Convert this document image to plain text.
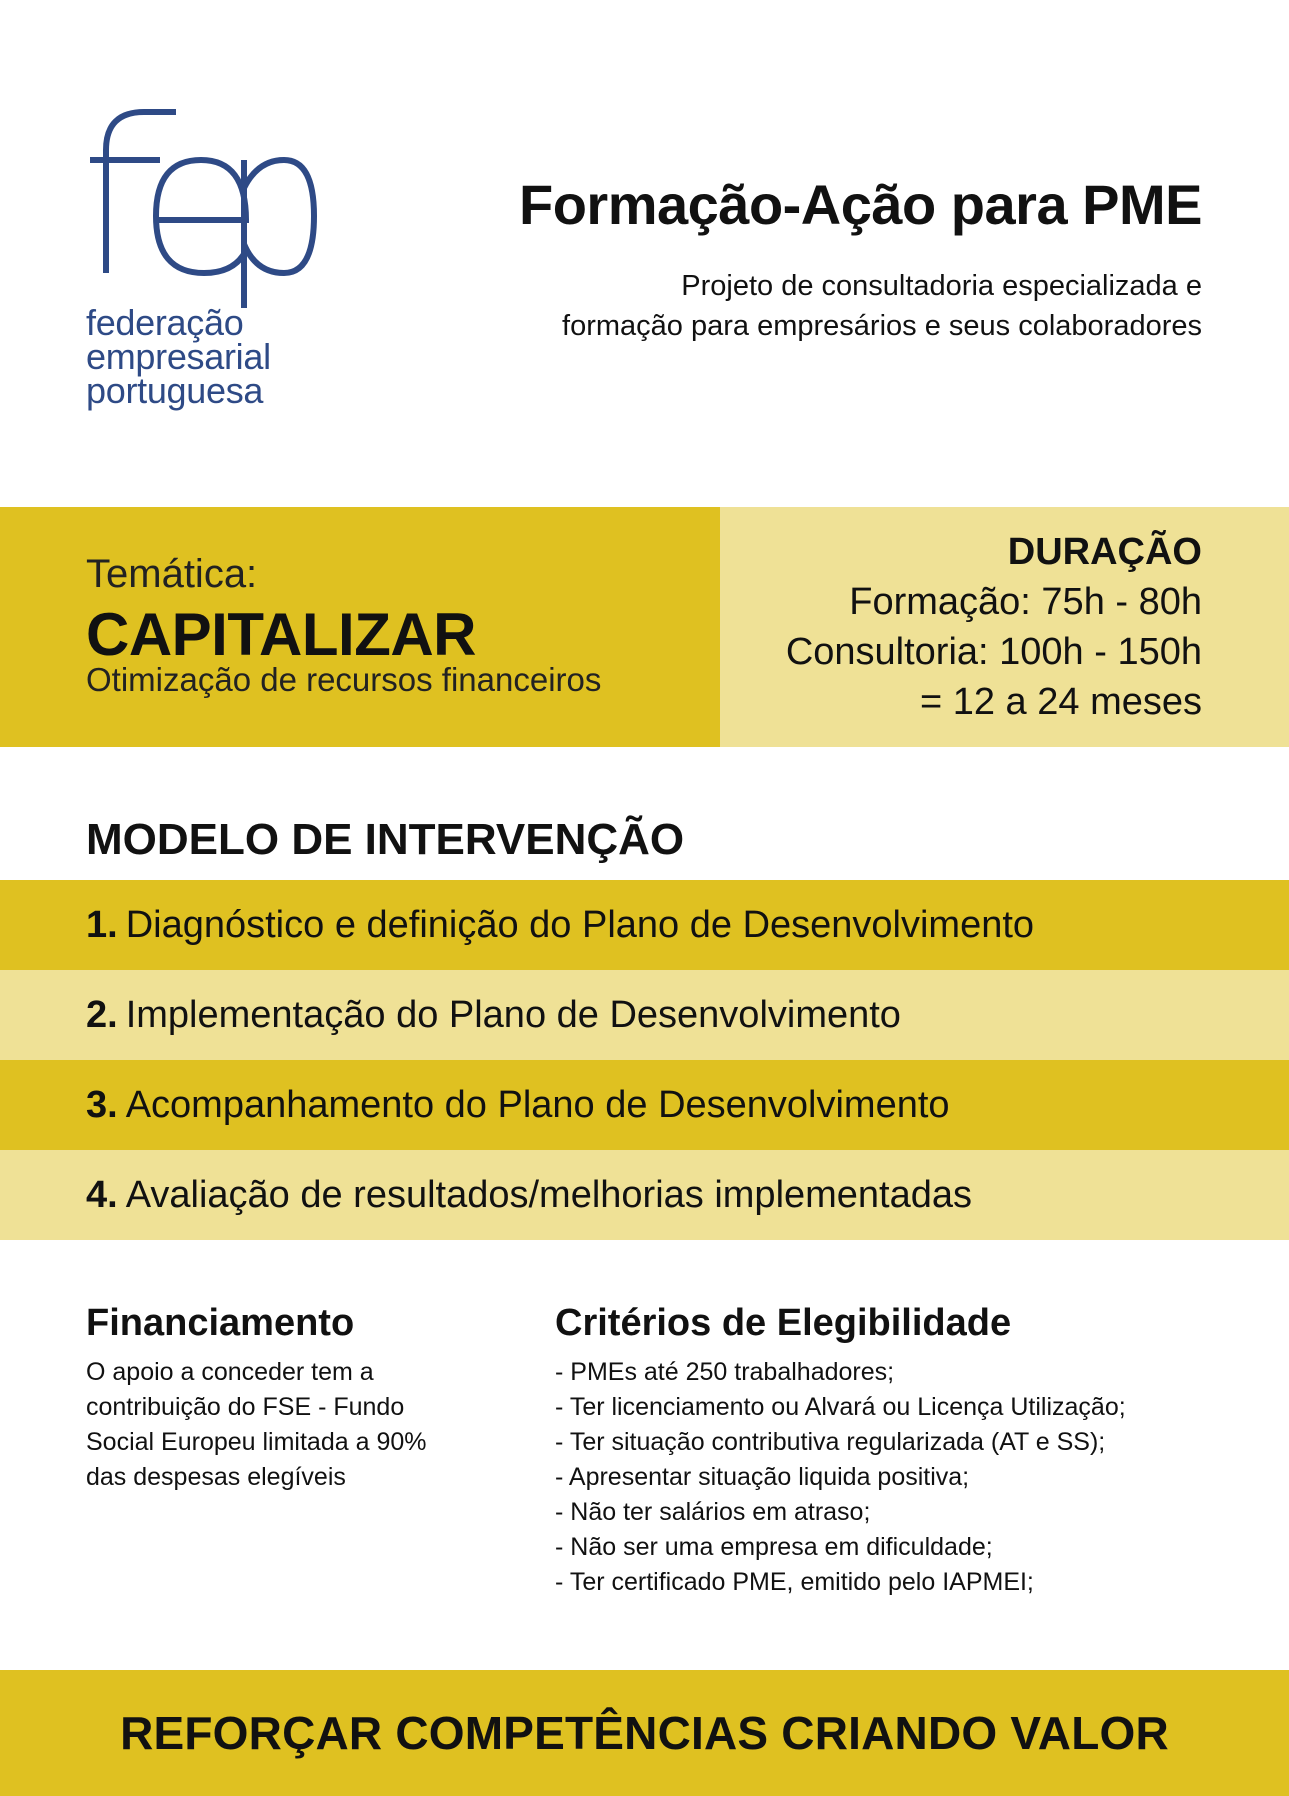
federação
empresarial
portuguesa
Formação-Ação para PME
Projeto de consultadoria especializada e
formação para empresários e seus colaboradores
Temática:
CAPITALIZAR
Otimização de recursos financeiros
DURAÇÃO
Formação: 75h - 80h
Consultoria: 100h - 150h
= 12 a 24 meses
MODELO DE INTERVENÇÃO
1. Diagnóstico e definição do Plano de Desenvolvimento
2. Implementação do Plano de Desenvolvimento
3. Acompanhamento do Plano de Desenvolvimento
4. Avaliação de resultados/melhorias implementadas
Financiamento
O apoio a conceder tem a
contribuição do FSE - Fundo
Social Europeu limitada a 90%
das despesas elegíveis
Critérios de Elegibilidade
- PMEs até 250 trabalhadores;
- Ter licenciamento ou Alvará ou Licença Utilização;
- Ter situação contributiva regularizada (AT e SS);
- Apresentar situação liquida positiva;
- Não ter salários em atraso;
- Não ser uma empresa em dificuldade;
- Ter certificado PME, emitido pelo IAPMEI;
REFORÇAR COMPETÊNCIAS CRIANDO VALOR
